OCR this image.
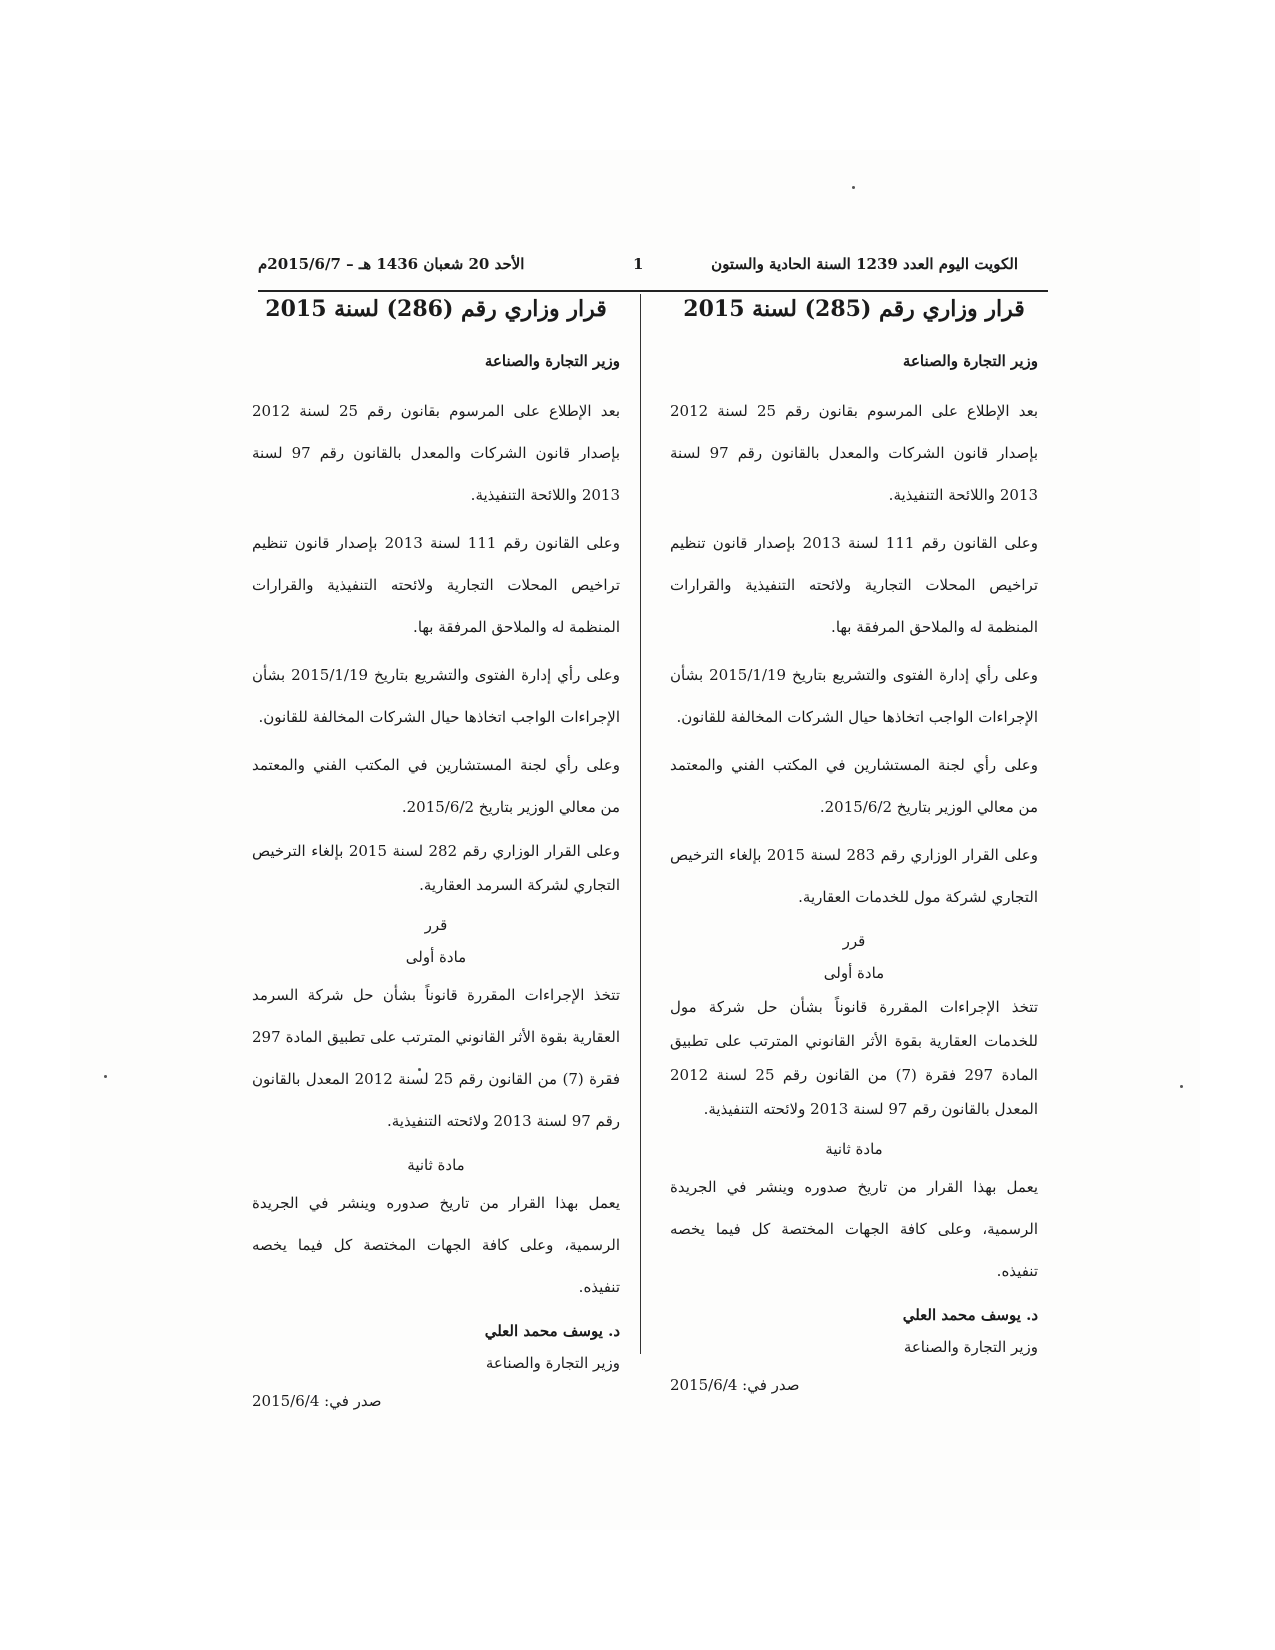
الكويت اليوم العدد 1239 السنة الحادية والستون
1
الأحد 20 شعبان 1436 هـ – 2015/6/7م
قرار وزاري رقم (285) لسنة 2015
وزير التجارة والصناعة
بعد الإطلاع على المرسوم بقانون رقم 25 لسنة 2012 بإصدار قانون الشركات والمعدل بالقانون رقم 97 لسنة 2013 واللائحة التنفيذية.
وعلى القانون رقم 111 لسنة 2013 بإصدار قانون تنظيم تراخيص المحلات التجارية ولائحته التنفيذية والقرارات المنظمة له والملاحق المرفقة بها.
وعلى رأي إدارة الفتوى والتشريع بتاريخ 2015/1/19 بشأن الإجراءات الواجب اتخاذها حيال الشركات المخالفة للقانون.
وعلى رأي لجنة المستشارين في المكتب الفني والمعتمد من معالي الوزير بتاريخ 2015/6/2.
وعلى القرار الوزاري رقم 283 لسنة 2015 بإلغاء الترخيص التجاري لشركة مول للخدمات العقارية.
قرر
مادة أولى
تتخذ الإجراءات المقررة قانوناً بشأن حل شركة مول للخدمات العقارية بقوة الأثر القانوني المترتب على تطبيق المادة 297 فقرة (7) من القانون رقم 25 لسنة 2012 المعدل بالقانون رقم 97 لسنة 2013 ولائحته التنفيذية.
مادة ثانية
يعمل بهذا القرار من تاريخ صدوره وينشر في الجريدة الرسمية، وعلى كافة الجهات المختصة كل فيما يخصه تنفيذه.
د. يوسف محمد العلي
وزير التجارة والصناعة
صدر في: 2015/6/4
قرار وزاري رقم (286) لسنة 2015
وزير التجارة والصناعة
بعد الإطلاع على المرسوم بقانون رقم 25 لسنة 2012 بإصدار قانون الشركات والمعدل بالقانون رقم 97 لسنة 2013 واللائحة التنفيذية.
وعلى القانون رقم 111 لسنة 2013 بإصدار قانون تنظيم تراخيص المحلات التجارية ولائحته التنفيذية والقرارات المنظمة له والملاحق المرفقة بها.
وعلى رأي إدارة الفتوى والتشريع بتاريخ 2015/1/19 بشأن الإجراءات الواجب اتخاذها حيال الشركات المخالفة للقانون.
وعلى رأي لجنة المستشارين في المكتب الفني والمعتمد من معالي الوزير بتاريخ 2015/6/2.
وعلى القرار الوزاري رقم 282 لسنة 2015 بإلغاء الترخيص التجاري لشركة السرمد العقارية.
قرر
مادة أولى
تتخذ الإجراءات المقررة قانوناً بشأن حل شركة السرمد العقارية بقوة الأثر القانوني المترتب على تطبيق المادة 297 فقرة (7) من القانون رقم 25 لسنة 2012 المعدل بالقانون رقم 97 لسنة 2013 ولائحته التنفيذية.
مادة ثانية
يعمل بهذا القرار من تاريخ صدوره وينشر في الجريدة الرسمية، وعلى كافة الجهات المختصة كل فيما يخصه تنفيذه.
د. يوسف محمد العلي
وزير التجارة والصناعة
صدر في: 2015/6/4
